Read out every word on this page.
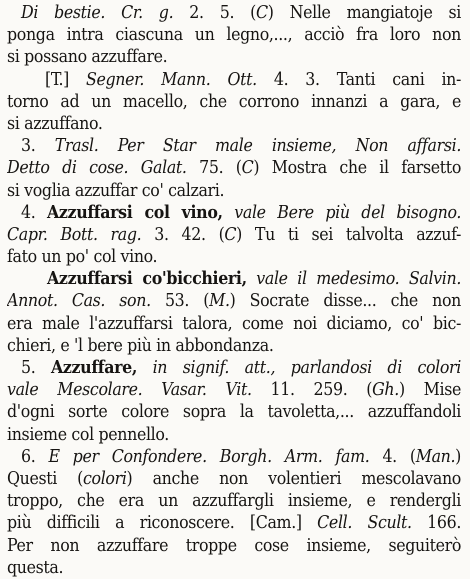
Di bestie. Cr. g. 2. 5. (C) Nelle mangiatoje si
ponga intra ciascuna un legno,..., acciò fra loro non
si possano azzuffare.
[T.] Segner. Mann. Ott. 4. 3. Tanti cani in-
torno ad un macello, che corrono innanzi a gara, e
si azzuffano.
3. Trasl. Per Star male insieme, Non affarsi.
Detto di cose. Galat. 75. (C) Mostra che il farsetto
si voglia azzuffar co' calzari.
4. Azzuffarsi col vino, vale Bere più del bisogno.
Capr. Bott. rag. 3. 42. (C) Tu ti sei talvolta azzuf-
fato un po' col vino.
Azzuffarsi co'bicchieri, vale il medesimo. Salvin.
Annot. Cas. son. 53. (M.) Socrate disse... che non
era male l'azzuffarsi talora, come noi diciamo, co' bic-
chieri, e 'l bere più in abbondanza.
5. Azzuffare, in signif. att., parlandosi di colori
vale Mescolare. Vasar. Vit. 11. 259. (Gh.) Mise
d'ogni sorte colore sopra la tavoletta,... azzuffandoli
insieme col pennello.
6. E per Confondere. Borgh. Arm. fam. 4. (Man.)
Questi (colori) anche non volentieri mescolavano
troppo, che era un azzuffargli insieme, e rendergli
più difficili a riconoscere. [Cam.] Cell. Scult. 166.
Per non azzuffare troppe cose insieme, seguiterò
questa.
